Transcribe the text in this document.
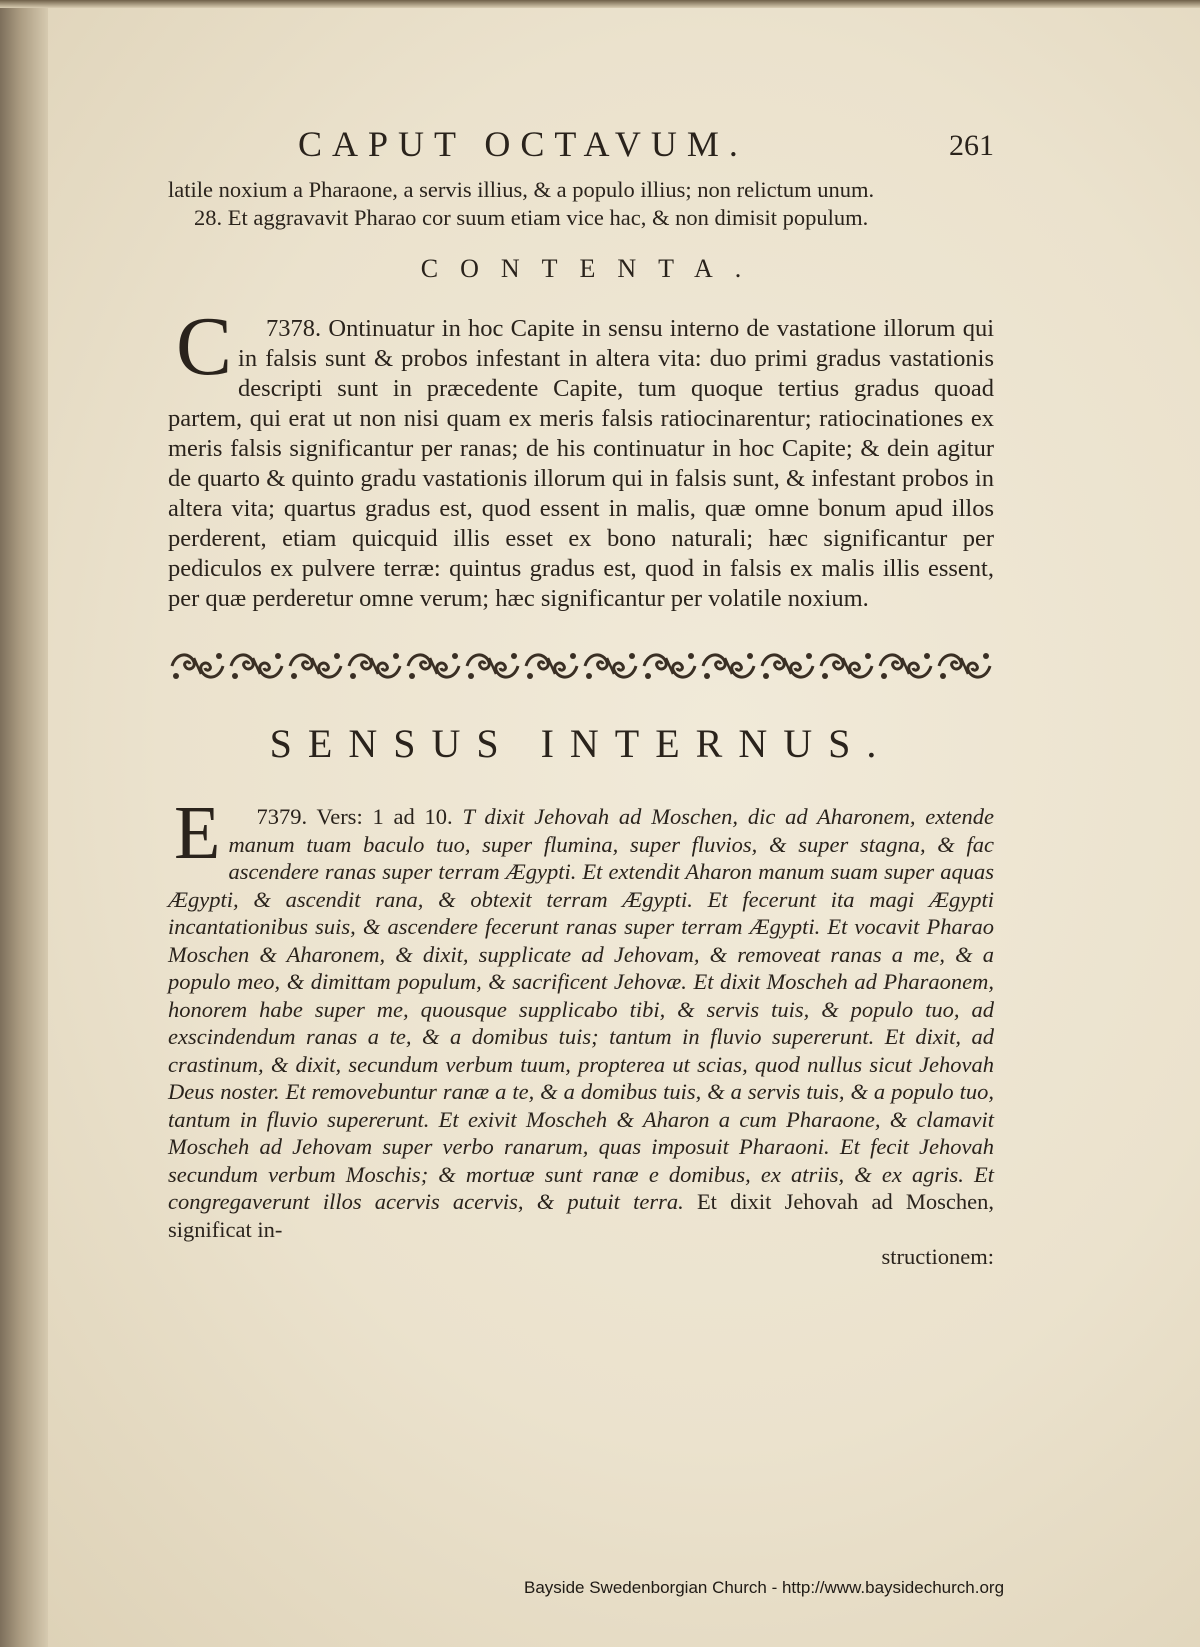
CAPUT OCTAVUM.	261

latile noxium a Pharaone, a servis illius, & a populo illius; non relictum unum.

28. Et aggravavit Pharao cor suum etiam vice hac, & non dimisit populum.

CONTENTA.

7378.
C	Ontinuatur in hoc Capite in sensu interno de vastatione illorum qui in falsis sunt & probos infestant in altera vita: duo primi gradus vastationis descripti sunt in præcedente Capite, tum quoque tertius gradus quoad partem, qui erat ut non nisi quam ex meris falsis ratiocinarentur; ratiocinationes ex meris falsis significantur per ranas; de his continuatur in hoc Capite; & dein agitur de quarto & quinto gradu vastationis illorum qui in falsis sunt, & infestant probos in altera vita; quartus gradus est, quod essent in malis, quæ omne bonum apud illos perderent, etiam quicquid illis esset ex bono naturali; hæc significantur per pediculos ex pulvere terræ: quintus gradus est, quod in falsis ex malis illis essent, per quæ perderetur omne verum; hæc significantur per volatile noxium.

SENSUS INTERNUS.

7379. Vers: 1 ad 10.
E	T dixit Jehovah ad Moschen, dic ad Aharonem, extende manum tuam baculo tuo, super flumina, super fluvios, & super stagna, & fac ascendere ranas super terram Ægypti. Et extendit Aharon manum suam super aquas Ægypti, & ascendit rana, & obtexit terram Ægypti. Et fecerunt ita magi Ægypti incantationibus suis, & ascendere fecerunt ranas super terram Ægypti. Et vocavit Pharao Moschen & Aharonem, & dixit, supplicate ad Jehovam, & removeat ranas a me, & a populo meo, & dimittam populum, & sacrificent Jehovæ. Et dixit Moscheh ad Pharaonem, honorem habe super me, quousque supplicabo tibi, & servis tuis, & populo tuo, ad exscindendum ranas a te, & a domibus tuis; tantum in fluvio supererunt. Et dixit, ad crastinum, & dixit, secundum verbum tuum, propterea ut scias, quod nullus sicut Jehovah Deus noster. Et removebuntur ranæ a te, & a domibus tuis, & a servis tuis, & a populo tuo, tantum in fluvio supererunt. Et exivit Moscheh & Aharon a cum Pharaone, & clamavit Moscheh ad Jehovam super verbo ranarum, quas imposuit Pharaoni. Et fecit Jehovah secundum verbum Moschis; & mortuæ sunt ranæ e domibus, ex atriis, & ex agris. Et congregaverunt illos acervis acervis, & putuit terra. Et dixit Jehovah ad Moschen, significat in-

structionem:
Bayside Swedenborgian Church - http://www.baysidechurch.org
